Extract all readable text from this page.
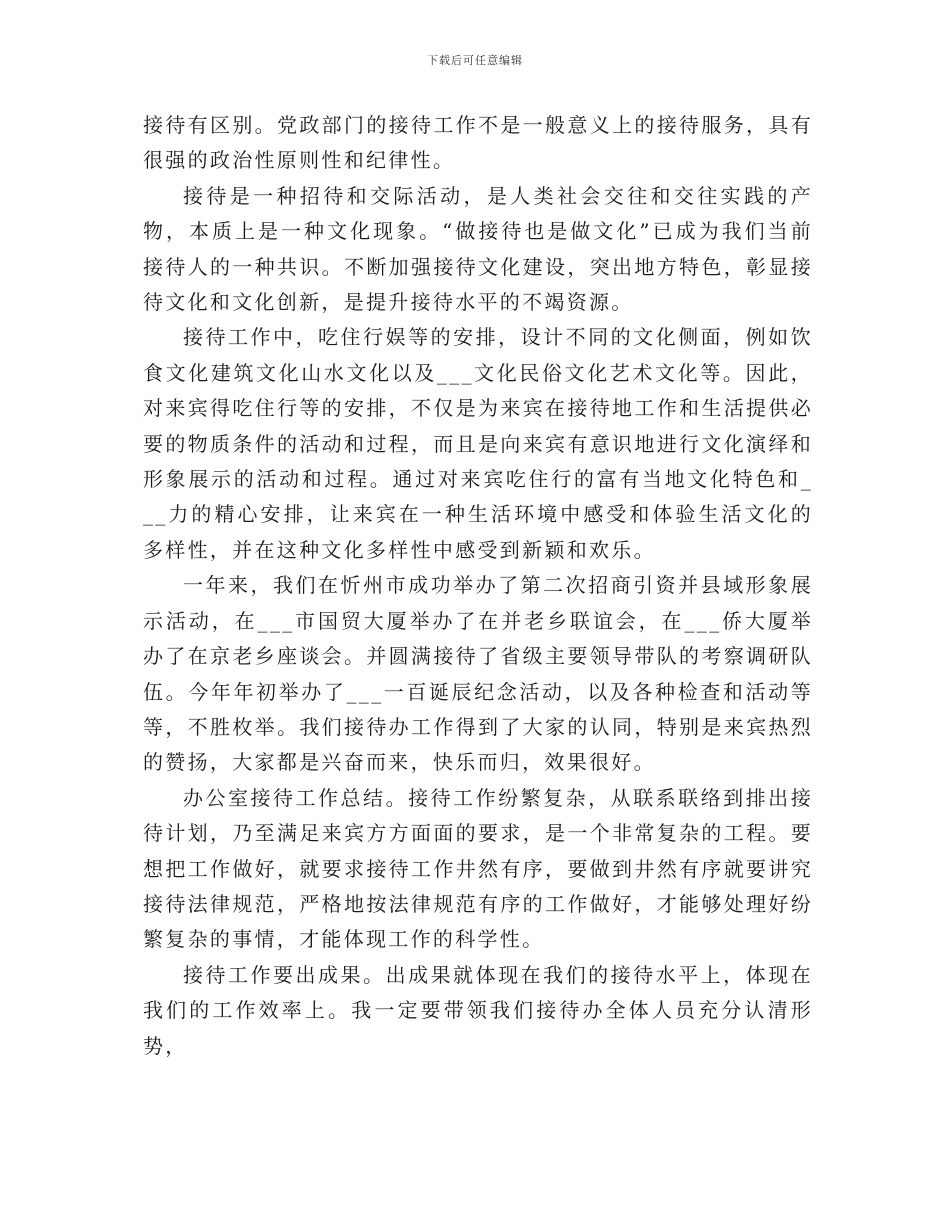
下载后可任意编辑

接待有区别。党政部门的接待工作不是一般意义上的接待服务，具有很强的政治性原则性和纪律性。

接待是一种招待和交际活动，是人类社会交往和交往实践的产物，本质上是一种文化现象。“做接待也是做文化”已成为我们当前接待人的一种共识。不断加强接待文化建设，突出地方特色，彰显接待文化和文化创新，是提升接待水平的不竭资源。

接待工作中，吃住行娱等的安排，设计不同的文化侧面，例如饮食文化建筑文化山水文化以及___文化民俗文化艺术文化等。因此，对来宾得吃住行等的安排，不仅是为来宾在接待地工作和生活提供必要的物质条件的活动和过程，而且是向来宾有意识地进行文化演绎和形象展示的活动和过程。通过对来宾吃住行的富有当地文化特色和___力的精心安排，让来宾在一种生活环境中感受和体验生活文化的多样性，并在这种文化多样性中感受到新颖和欢乐。

一年来，我们在忻州市成功举办了第二次招商引资并县域形象展示活动，在___市国贸大厦举办了在并老乡联谊会，在___侨大厦举办了在京老乡座谈会。并圆满接待了省级主要领导带队的考察调研队伍。今年年初举办了___一百诞辰纪念活动，以及各种检查和活动等等，不胜枚举。我们接待办工作得到了大家的认同，特别是来宾热烈的赞扬，大家都是兴奋而来，快乐而归，效果很好。

办公室接待工作总结。接待工作纷繁复杂，从联系联络到排出接待计划，乃至满足来宾方方面面的要求，是一个非常复杂的工程。要想把工作做好，就要求接待工作井然有序，要做到井然有序就要讲究接待法律规范，严格地按法律规范有序的工作做好，才能够处理好纷繁复杂的事情，才能体现工作的科学性。

接待工作要出成果。出成果就体现在我们的接待水平上，体现在我们的工作效率上。我一定要带领我们接待办全体人员充分认清形势，
